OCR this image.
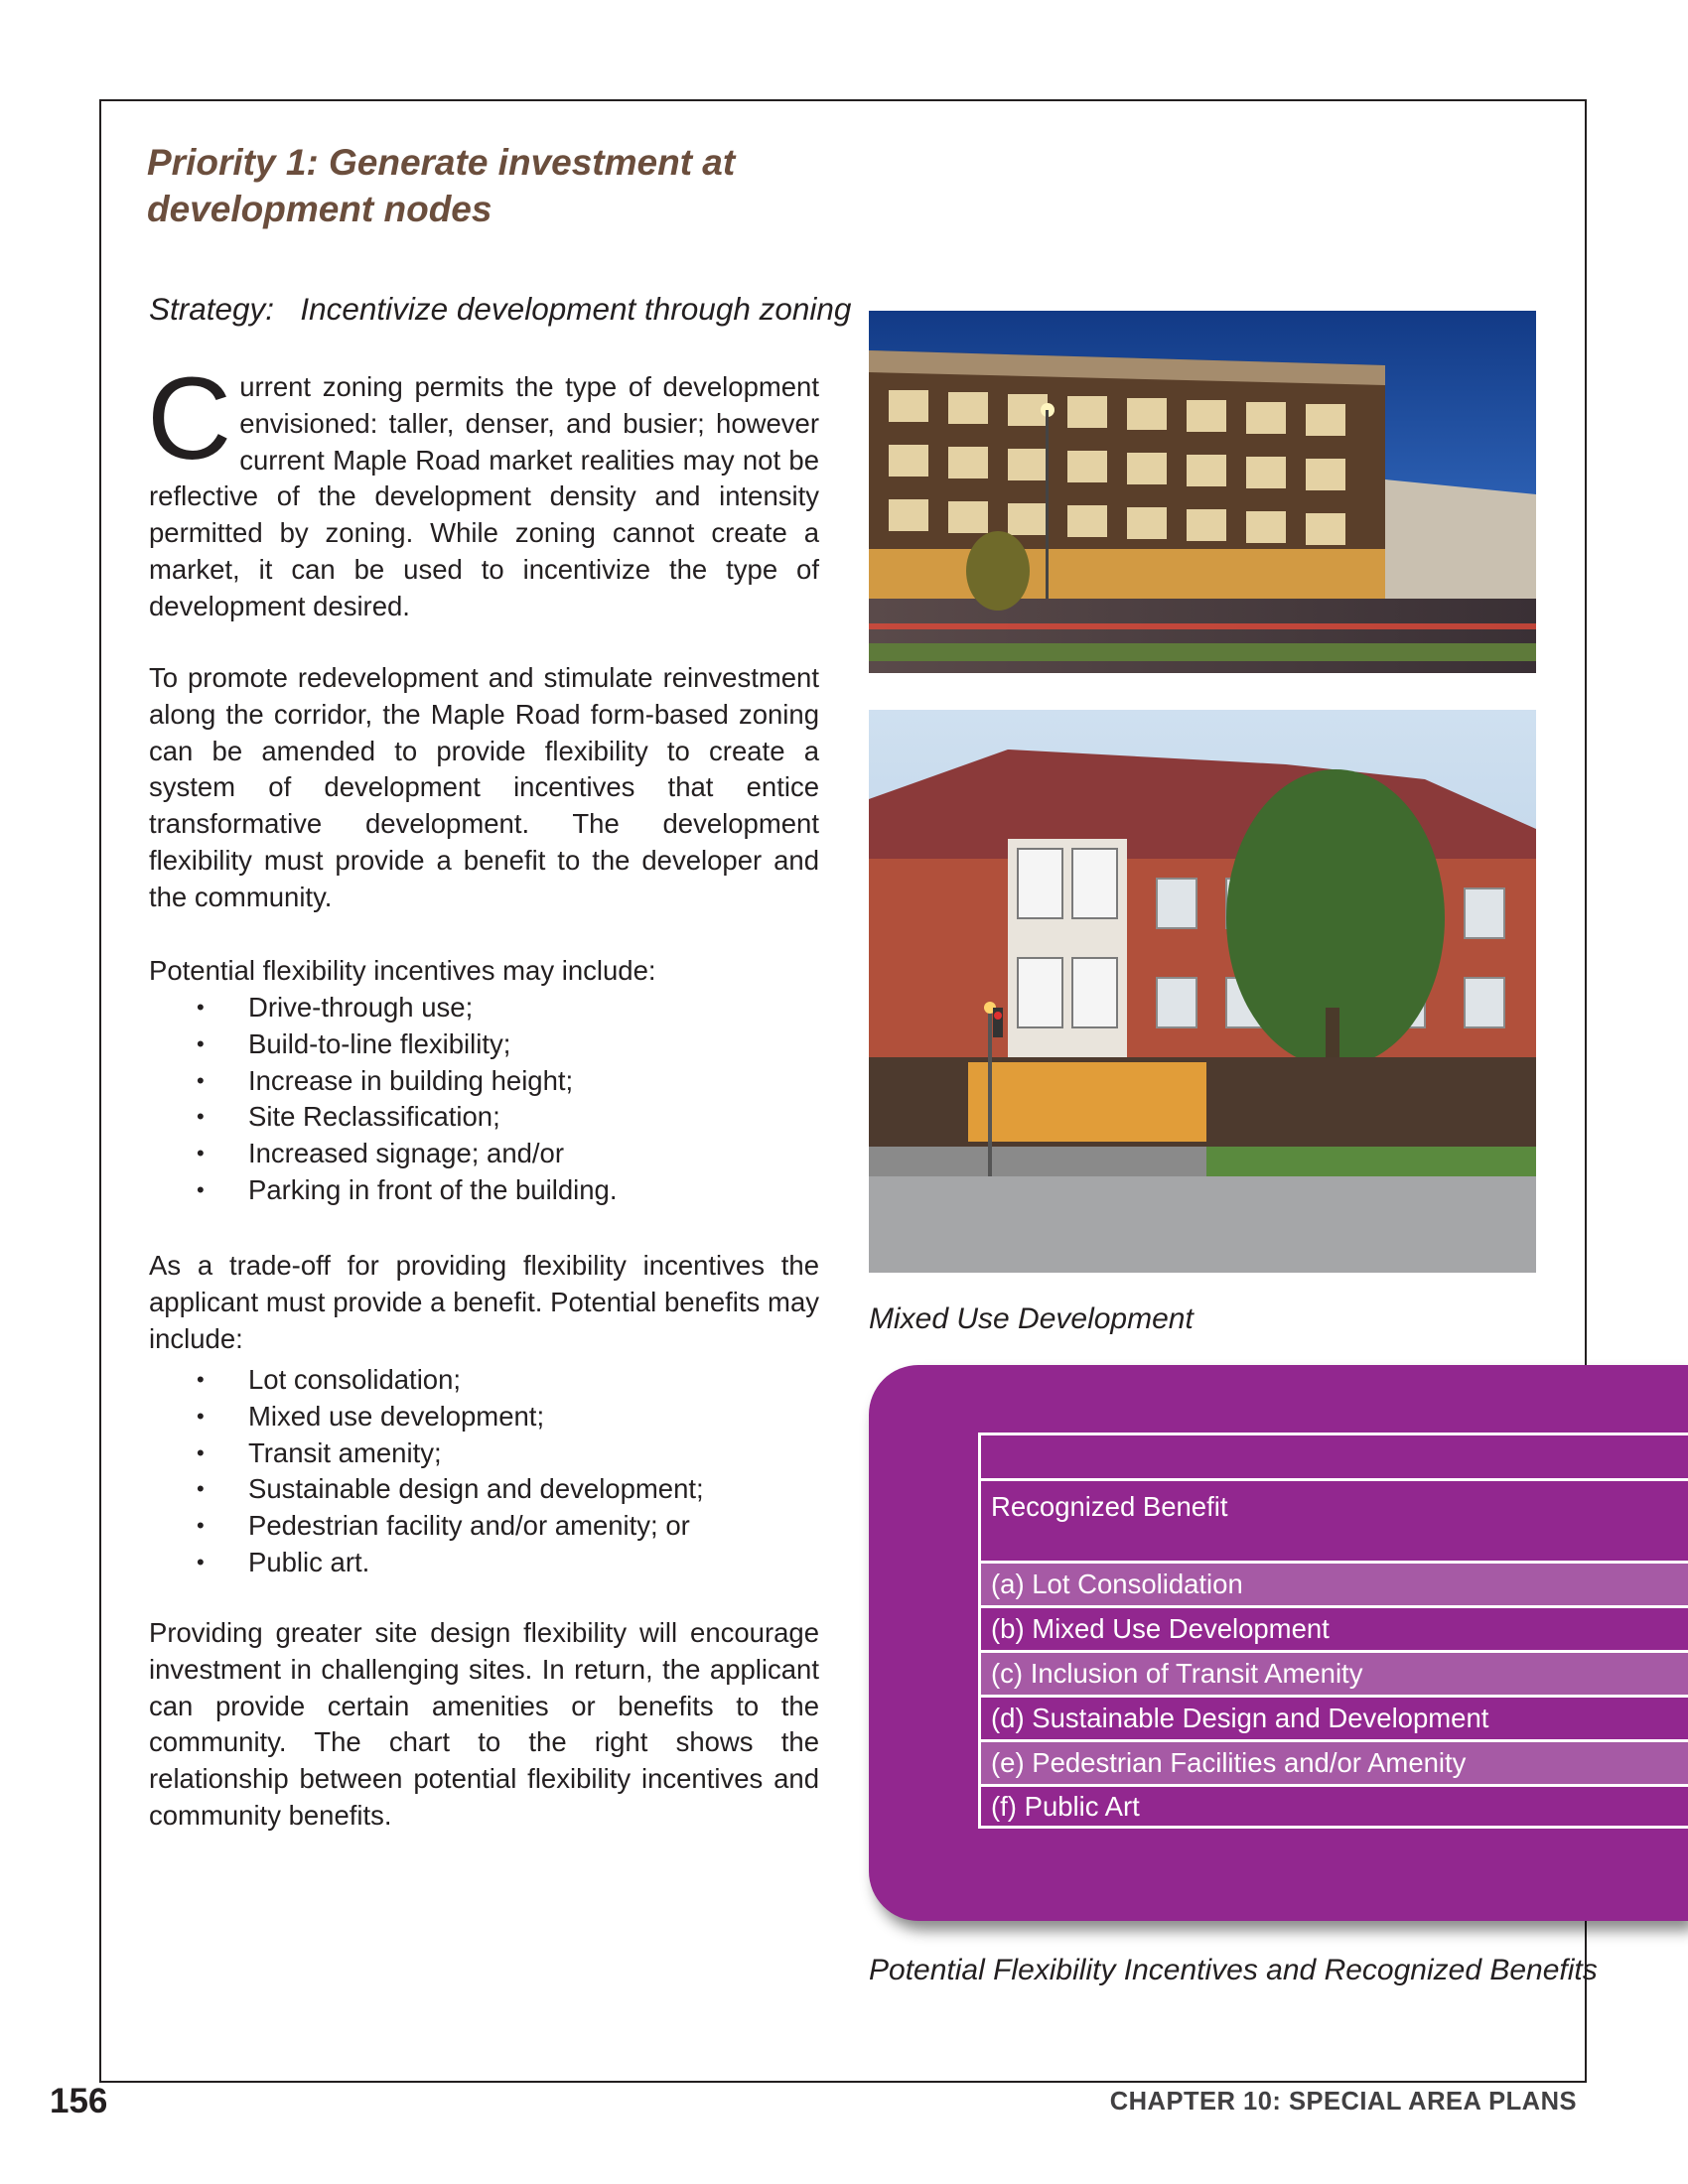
Priority 1: Generate investment at
development nodes
Strategy:   Incentivize development through zoning
Current zoning permits the type of development envisioned: taller, denser, and busier; however current Maple Road market realities may not be reflective of the development density and intensity permitted by zoning. While zoning cannot create a market, it can be used to incentivize the type of development desired.
To promote redevelopment and stimulate reinvestment along the corridor, the Maple Road form-based zoning can be amended to provide flexibility to create a system of development incentives that entice transformative development. The development flexibility must provide a benefit to the developer and the community.
Potential flexibility incentives may include:
• Drive-through use;
• Build-to-line flexibility;
• Increase in building height;
• Site Reclassification;
• Increased signage; and/or
• Parking in front of the building.
As a trade-off for providing flexibility incentives the applicant must provide a benefit. Potential benefits may include:
• Lot consolidation;
• Mixed use development;
• Transit amenity;
• Sustainable design and development;
• Pedestrian facility and/or amenity; or
• Public art.
Providing greater site design flexibility will encourage investment in challenging sites. In return, the applicant can provide certain amenities or benefits to the community. The chart to the right shows the relationship between potential flexibility incentives and community benefits.
Mixed Use Development
Recognized Benefit
(a) Lot Consolidation
(b) Mixed Use Development
(c) Inclusion of Transit Amenity
(d) Sustainable Design and Development
(e) Pedestrian Facilities and/or Amenity
(f) Public Art
Potential Flexibility Incentives and Recognized Benefits
156	CHAPTER 10: SPECIAL AREA PLANS
